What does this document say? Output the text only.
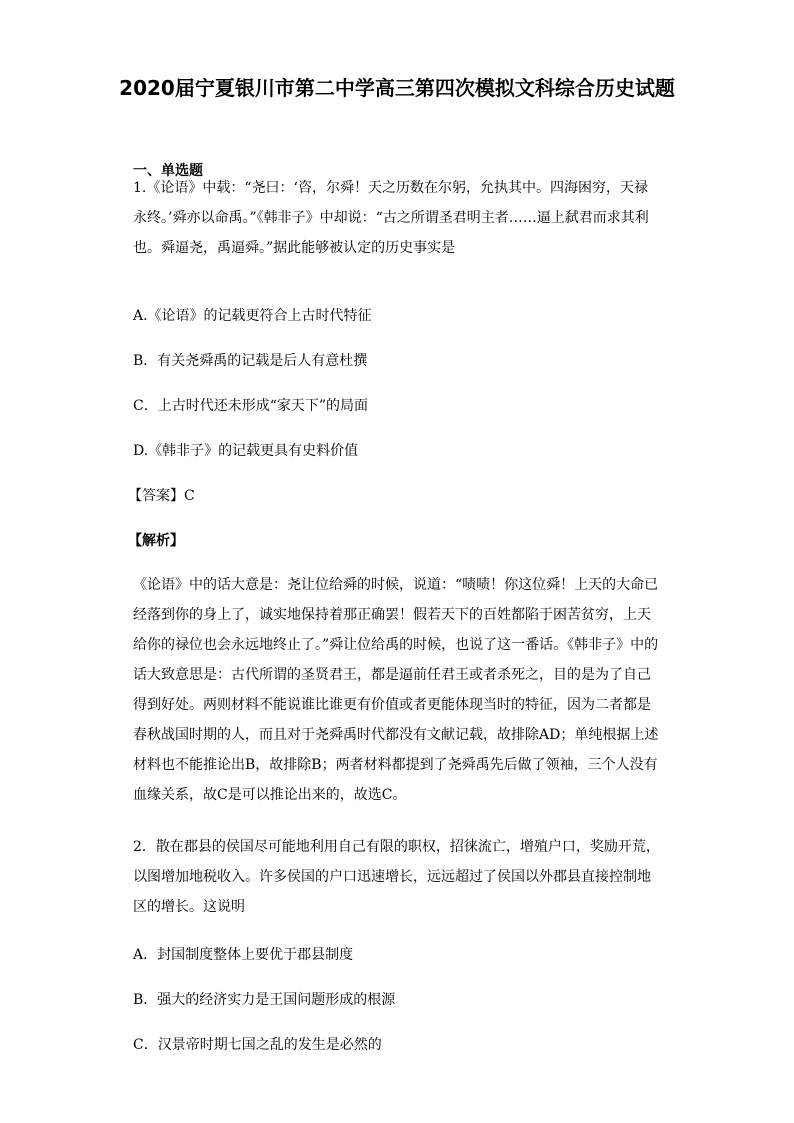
2020届宁夏银川市第二中学高三第四次模拟文科综合历史试题
一、单选题

1.《论语》中载：“尧曰：‘咨，尔舜！天之历数在尔躬，允执其中。四海困穷，天禄永终。’舜亦以命禹。”《韩非子》中却说：“古之所谓圣君明主者……逼上弑君而求其利也。舜逼尧，禹逼舜。”据此能够被认定的历史事实是

A.《论语》的记载更符合上古时代特征
B．有关尧舜禹的记载是后人有意杜撰
C．上古时代还未形成“家天下”的局面
D.《韩非子》的记载更具有史料价值
【答案】C
【解析】

《论语》中的话大意是：尧让位给舜的时候，说道：“啧啧！你这位舜！上天的大命已经落到你的身上了，诚实地保持着那正确罢！假若天下的百姓都陷于困苦贫穷，上天给你的禄位也会永远地终止了。”舜让位给禹的时候，也说了这一番话。《韩非子》中的话大致意思是：古代所谓的圣贤君王，都是逼前任君王或者杀死之，目的是为了自己得到好处。两则材料不能说谁比谁更有价值或者更能体现当时的特征，因为二者都是春秋战国时期的人，而且对于尧舜禹时代都没有文献记载，故排除AD；单纯根据上述材料也不能推论出B，故排除B；两者材料都提到了尧舜禹先后做了领袖，三个人没有血缘关系，故C是可以推论出来的，故选C。

2．散在郡县的侯国尽可能地利用自己有限的职权，招徕流亡，增殖户口，奖励开荒，以图增加地税收入。许多侯国的户口迅速增长，远远超过了侯国以外郡县直接控制地区的增长。这说明

A．封国制度整体上要优于郡县制度
B．强大的经济实力是王国问题形成的根源
C．汉景帝时期七国之乱的发生是必然的
